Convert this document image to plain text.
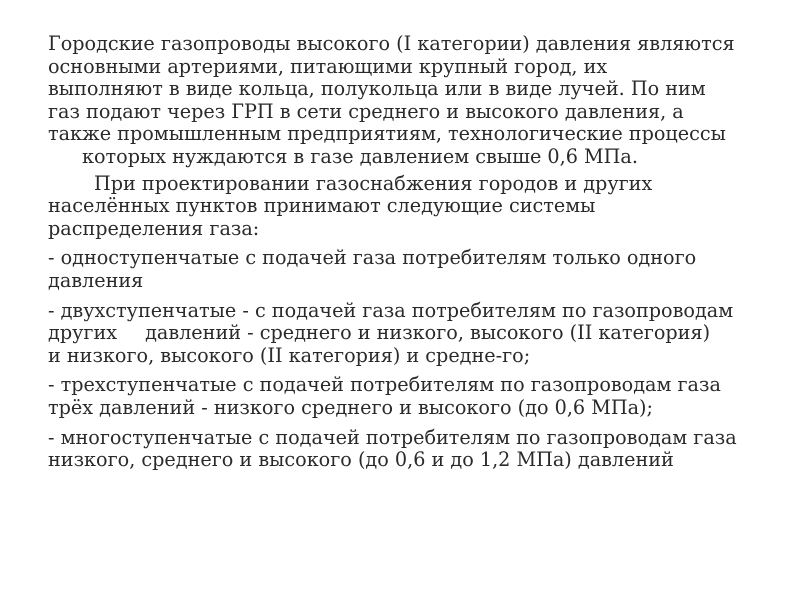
Городские газопроводы высокого (I категории) давления являются
основными артериями, питающими крупный город, их
выполняют в виде кольца, полукольца или в виде лучей. По ним
газ подают через ГРП в сети среднего и высокого давления, а
также промышленным предприятиям, технологические процессы
которых нуждаются в газе давлением свыше 0,6 МПа.

При проектировании газоснабжения городов и других
населённых пунктов принимают следующие системы
распределения газа:

- одноступенчатые с подачей газа потребителям только одного
давления

- двухступенчатые - с подачей газа потребителям по газопроводам
других давлений - среднего и низкого, высокого (II категория)
и низкого, высокого (II категория) и средне-го;

- трехступенчатые с подачей потребителям по газопроводам газа
трёх давлений - низкого среднего и высокого (до 0,6 МПа);

- многоступенчатые с подачей потребителям по газопроводам газа
низкого, среднего и высокого (до 0,6 и до 1,2 МПа) давлений
